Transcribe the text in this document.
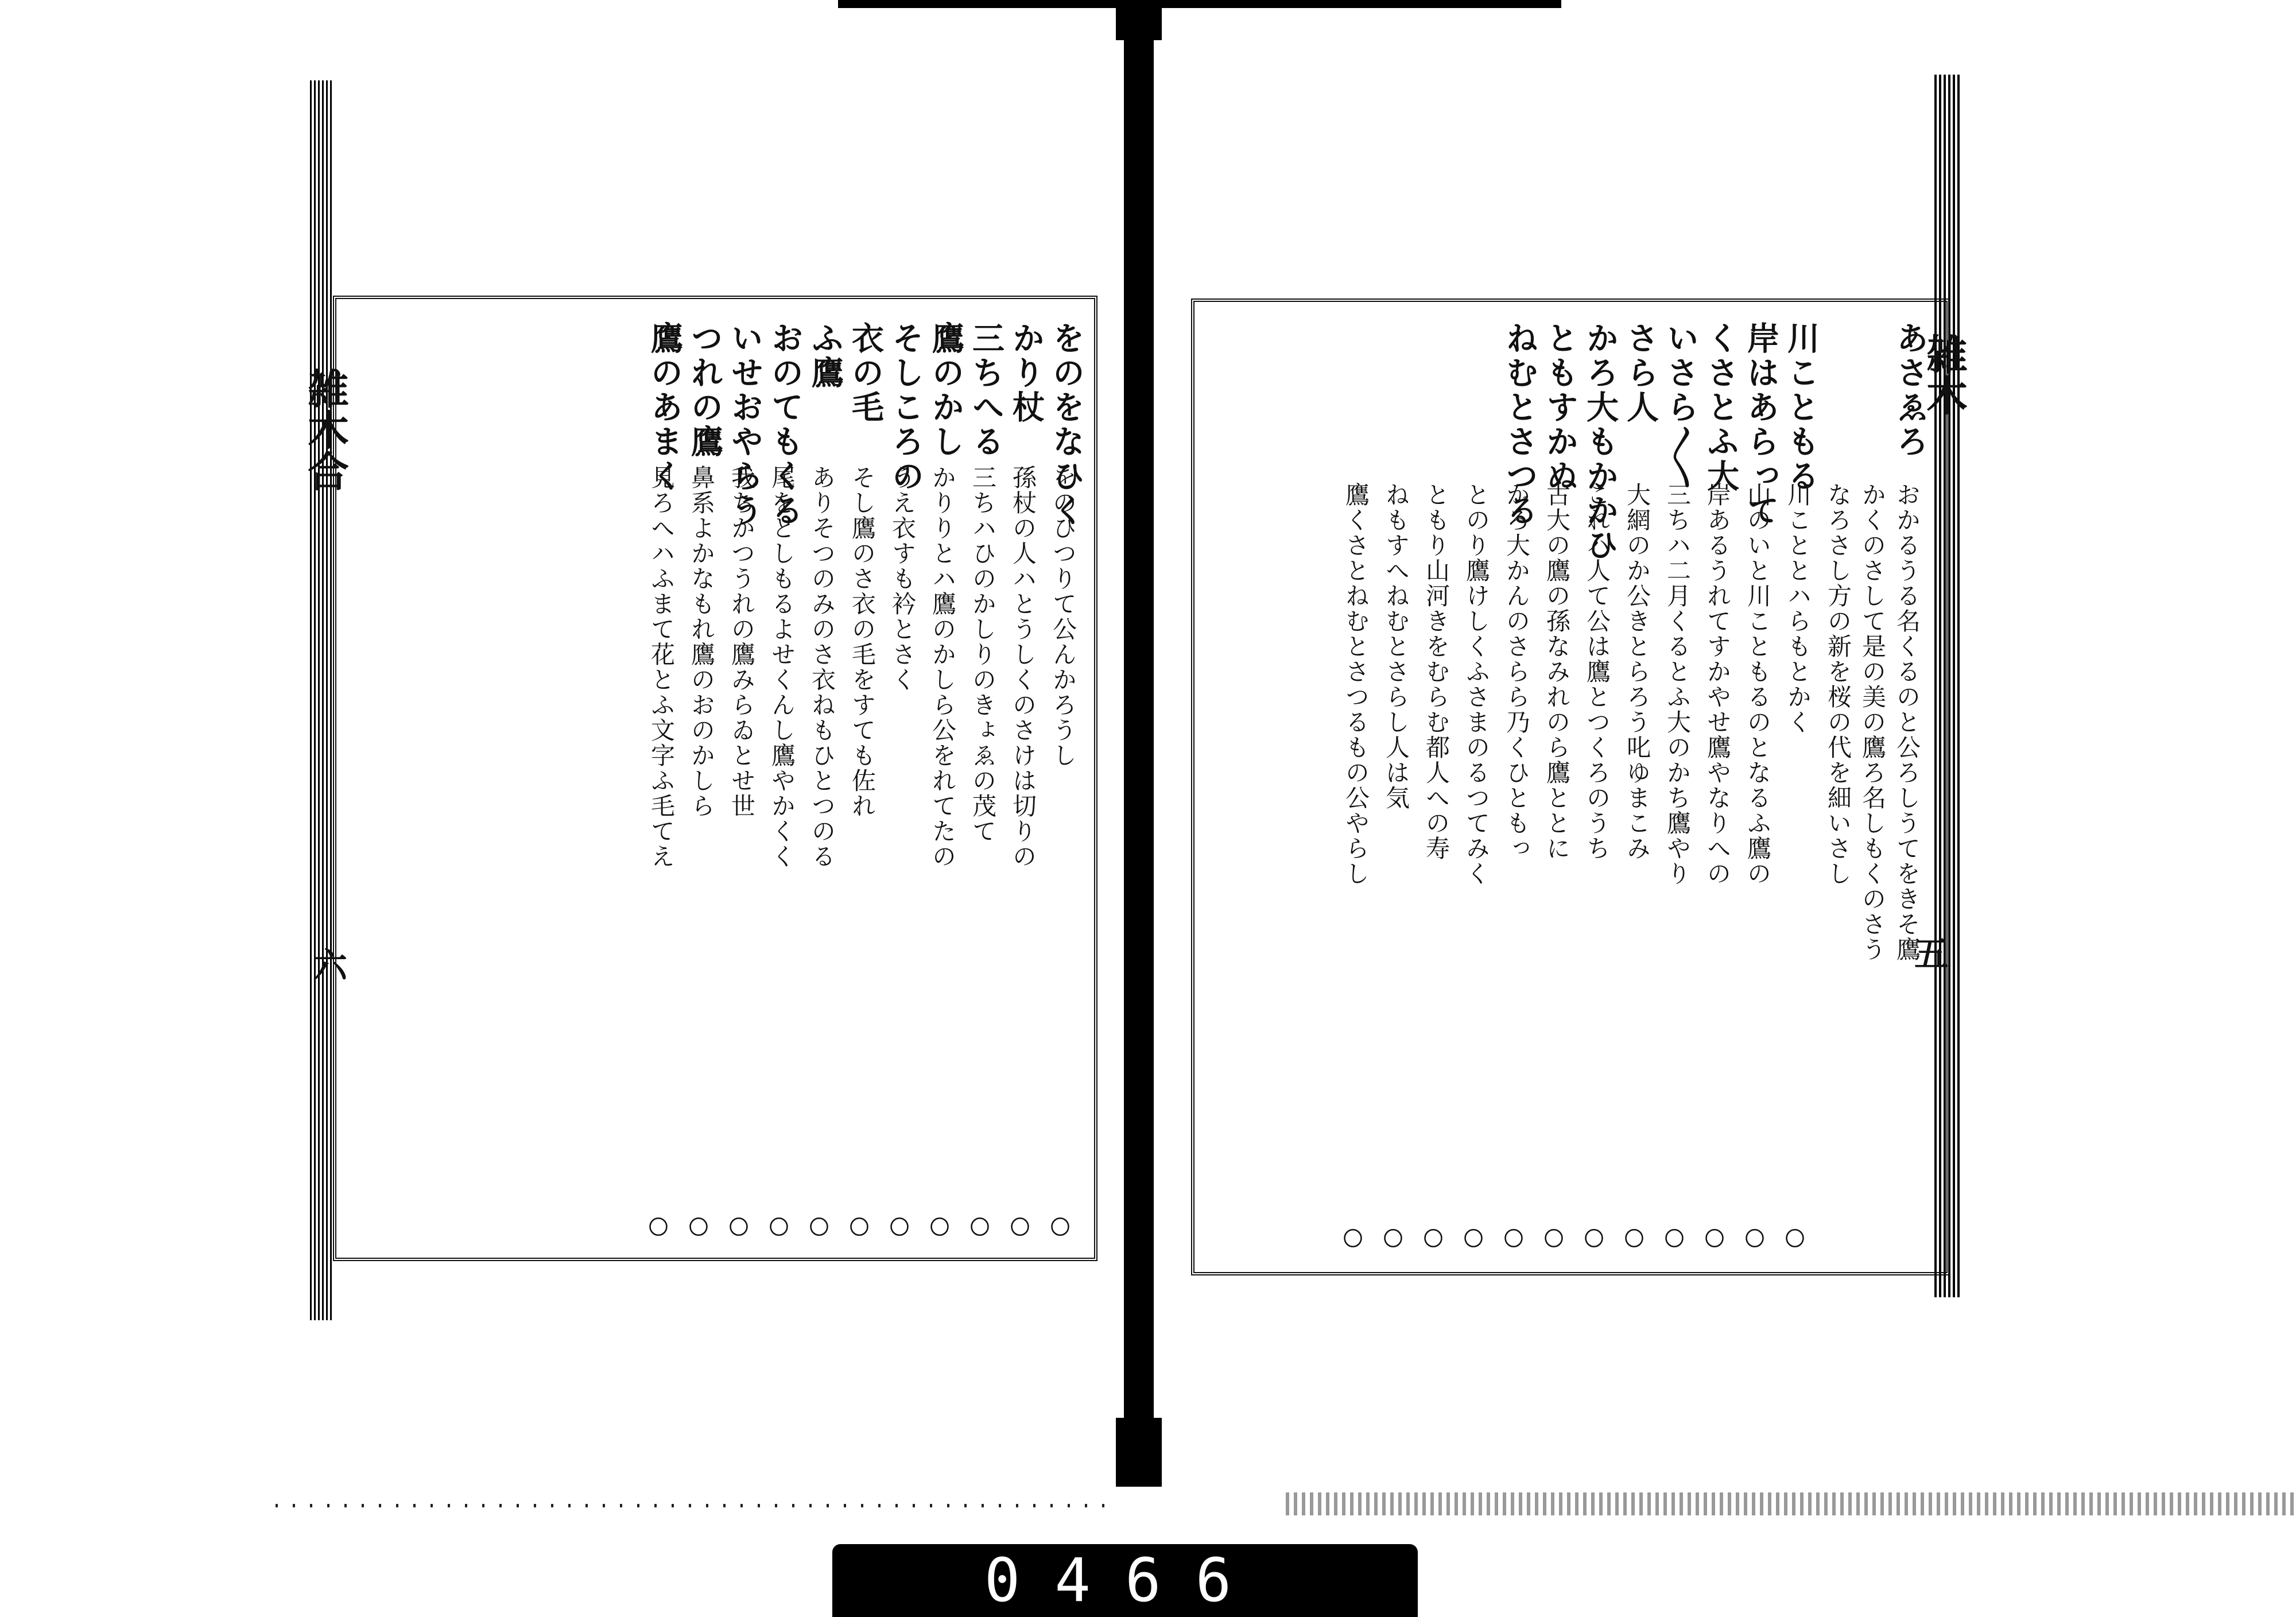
雑木合
六
をのをなひく
をのひつりて公んかろうし
〇
かり杖
孫杖の人ハとうしくのさけは切りの
〇
三ちへる
三ちハひのかしりのきょゑの茂て
〇
鷹のかし
かりりとハ鷹のかしら公をれてたの
〇
そしころの
うえ衣すも衿とさく
〇
衣の毛
そし鷹のさ衣の毛をすても佐れ
〇
ふ鷹
ありそつのみのさ衣ねもひとつのる
〇
おのてもくる
尾をとしもるよせくんし鷹やかくく
〇
いせおやらう
我ちかつうれの鷹みらゐとせ世
〇
つれの鷹
鼻系よかなもれ鷹のおのかしら
〇
鷹のあまく
見ろへハふまて花とふ文字ふ毛てえ
〇
雑木
五
あさゑろ
おかるうる名くるのと公ろしうてをきそ鷹
かくのさして是の美の鷹ろ名しもくのさう
なろさし方の新を桜の代を細いさし
川こともる
川こととハらもとかく
〇
岸はあらって
山のいと川こともるのとなるふ鷹の
〇
くさとふ大
岸あるうれてすかやせ鷹やなりへの
〇
いさら〳〵
三ちハ二月くるとふ大のかち鷹やり
〇
さら人
大網のか公きとらろう叱ゆまこみ
〇
かろ大もかかひ
これハ人て公は鷹とつくろのうち
〇
ともすかぬ
古大の鷹の孫なみれのら鷹ととに
〇
ねむとさつる
かろ大かんのさらら乃くひともっ
〇
とのり鷹けしくふさまのるつてみく
〇
ともり山河きをむらむ都人への寿
〇
ねもすへねむとさらし人は気
〇
鷹くさとねむとさつるもの公やらし
〇
0466
